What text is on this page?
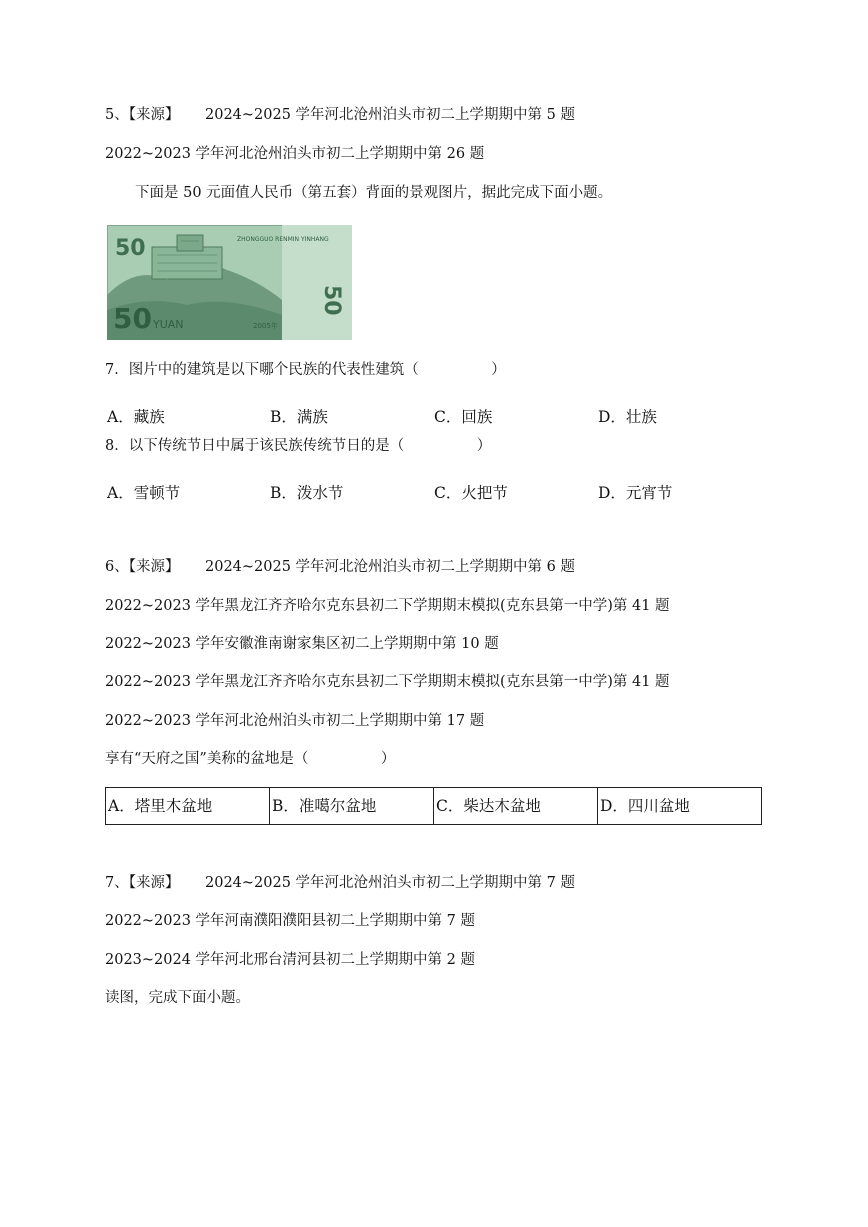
5、【来源】	2024~2025 学年河北沧州泊头市初二上学期期中第 5 题
2022~2023 学年河北沧州泊头市初二上学期期中第 26 题
下面是 50 元面值人民币（第五套）背面的景观图片，据此完成下面小题。
50
50 YUAN
ZHONGGUO RENMIN YINHANG
2005年
50
7．图片中的建筑是以下哪个民族的代表性建筑（　　　　　）
A．藏族	B．满族	C．回族	D．壮族
8．以下传统节日中属于该民族传统节日的是（　　　　　）
A．雪顿节	B．泼水节	C．火把节	D．元宵节
6、【来源】	2024~2025 学年河北沧州泊头市初二上学期期中第 6 题
2022~2023 学年黑龙江齐齐哈尔克东县初二下学期期末模拟(克东县第一中学)第 41 题
2022~2023 学年安徽淮南谢家集区初二上学期期中第 10 题
2022~2023 学年黑龙江齐齐哈尔克东县初二下学期期末模拟(克东县第一中学)第 41 题
2022~2023 学年河北沧州泊头市初二上学期期中第 17 题
享有“天府之国”美称的盆地是（　　　　　）
A．塔里木盆地	B．准噶尔盆地	C．柴达木盆地	D．四川盆地
7、【来源】	2024~2025 学年河北沧州泊头市初二上学期期中第 7 题
2022~2023 学年河南濮阳濮阳县初二上学期期中第 7 题
2023~2024 学年河北邢台清河县初二上学期期中第 2 题
读图，完成下面小题。
